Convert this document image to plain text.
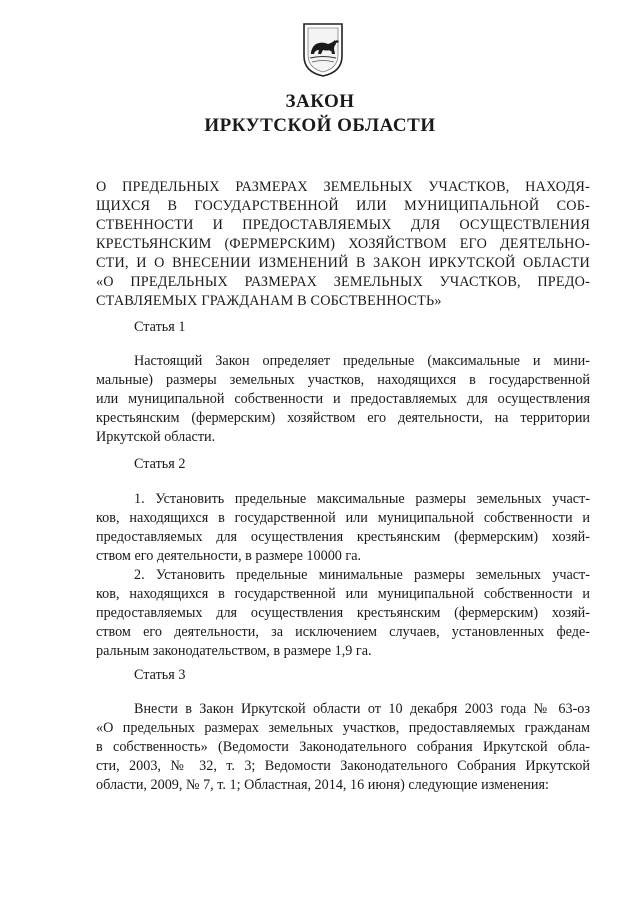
ЗАКОН
ИРКУТСКОЙ ОБЛАСТИ
О ПРЕДЕЛЬНЫХ РАЗМЕРАХ ЗЕМЕЛЬНЫХ УЧАСТКОВ, НАХОДЯ-
ЩИХСЯ В ГОСУДАРСТВЕННОЙ ИЛИ МУНИЦИПАЛЬНОЙ СОБ-
СТВЕННОСТИ И ПРЕДОСТАВЛЯЕМЫХ ДЛЯ ОСУЩЕСТВЛЕНИЯ
КРЕСТЬЯНСКИМ (ФЕРМЕРСКИМ) ХОЗЯЙСТВОМ ЕГО ДЕЯТЕЛЬНО-
СТИ, И О ВНЕСЕНИИ ИЗМЕНЕНИЙ В ЗАКОН ИРКУТСКОЙ ОБЛАСТИ
«О ПРЕДЕЛЬНЫХ РАЗМЕРАХ ЗЕМЕЛЬНЫХ УЧАСТКОВ, ПРЕДО-
СТАВЛЯЕМЫХ ГРАЖДАНАМ В СОБСТВЕННОСТЬ»
Статья 1
Настоящий Закон определяет предельные (максимальные и мини-
мальные) размеры земельных участков, находящихся в государственной
или муниципальной собственности и предоставляемых для осуществления
крестьянским (фермерским) хозяйством его деятельности, на территории
Иркутской области.
Статья 2
1. Установить предельные максимальные размеры земельных участ-
ков, находящихся в государственной или муниципальной собственности и
предоставляемых для осуществления крестьянским (фермерским) хозяй-
ством его деятельности, в размере 10000 га.
2. Установить предельные минимальные размеры земельных участ-
ков, находящихся в государственной или муниципальной собственности и
предоставляемых для осуществления крестьянским (фермерским) хозяй-
ством его деятельности, за исключением случаев, установленных феде-
ральным законодательством, в размере 1,9 га.
Статья 3
Внести в Закон Иркутской области от 10 декабря 2003 года № 63-оз
«О предельных размерах земельных участков, предоставляемых гражданам
в собственность» (Ведомости Законодательного собрания Иркутской обла-
сти, 2003, № 32, т. 3; Ведомости Законодательного Собрания Иркутской
области, 2009, № 7, т. 1; Областная, 2014, 16 июня) следующие изменения:
